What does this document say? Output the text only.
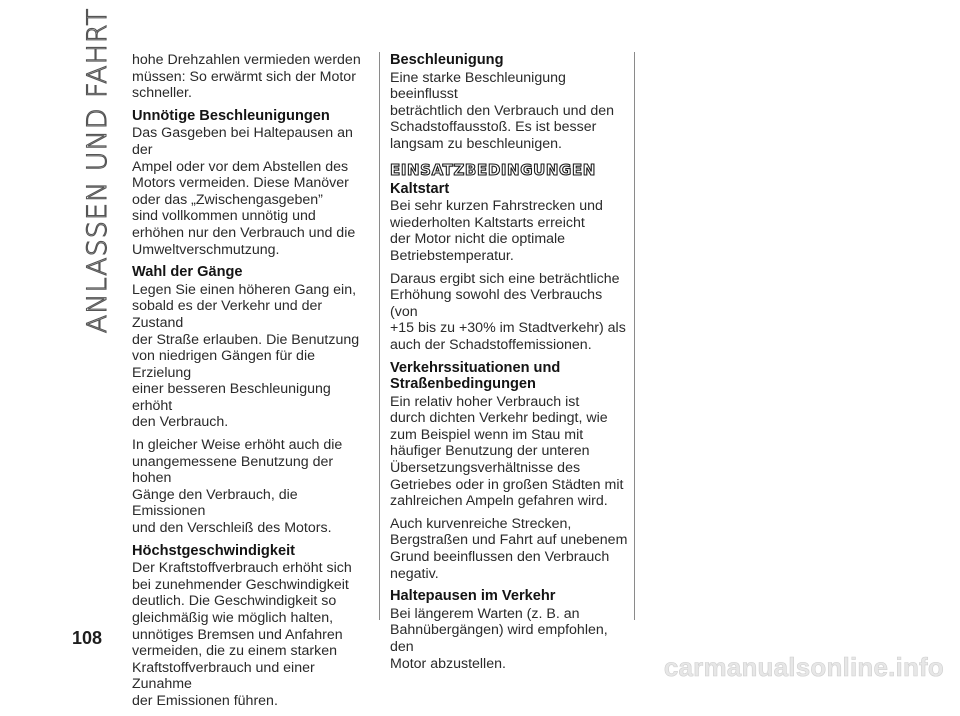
ANLASSEN UND FAHRT hohe Drehzahlen vermieden werden
müssen: So erwärmt sich der Motor
schneller.

Unnötige Beschleunigungen

Das Gasgeben bei Haltepausen an der
Ampel oder vor dem Abstellen des
Motors vermeiden. Diese Manöver
oder das „Zwischengasgeben”
sind vollkommen unnötig und
erhöhen nur den Verbrauch und die
Umweltverschmutzung.

Wahl der Gänge

Legen Sie einen höheren Gang ein,
sobald es der Verkehr und der Zustand
der Straße erlauben. Die Benutzung
von niedrigen Gängen für die Erzielung
einer besseren Beschleunigung erhöht
den Verbrauch.

In gleicher Weise erhöht auch die
unangemessene Benutzung der hohen
Gänge den Verbrauch, die Emissionen
und den Verschleiß des Motors.

Höchstgeschwindigkeit

Der Kraftstoffverbrauch erhöht sich
bei zunehmender Geschwindigkeit
deutlich. Die Geschwindigkeit so
gleichmäßig wie möglich halten,
unnötiges Bremsen und Anfahren
vermeiden, die zu einem starken
Kraftstoffverbrauch und einer Zunahme
der Emissionen führen.

Beschleunigung

Eine starke Beschleunigung beeinflusst
beträchtlich den Verbrauch und den
Schadstoffausstoß. Es ist besser
langsam zu beschleunigen.

EINSATZBEDINGUNGEN
Kaltstart

Bei sehr kurzen Fahrstrecken und
wiederholten Kaltstarts erreicht
der Motor nicht die optimale
Betriebstemperatur.

Daraus ergibt sich eine beträchtliche
Erhöhung sowohl des Verbrauchs (von
+15 bis zu +30% im Stadtverkehr) als
auch der Schadstoffemissionen.

Verkehrssituationen und
Straßenbedingungen

Ein relativ hoher Verbrauch ist
durch dichten Verkehr bedingt, wie
zum Beispiel wenn im Stau mit
häufiger Benutzung der unteren
Übersetzungsverhältnisse des
Getriebes oder in großen Städten mit
zahlreichen Ampeln gefahren wird.

Auch kurvenreiche Strecken,
Bergstraßen und Fahrt auf unebenem
Grund beeinflussen den Verbrauch
negativ.

Haltepausen im Verkehr

Bei längerem Warten (z. B. an
Bahnübergängen) wird empfohlen, den
Motor abzustellen.

108
carmanualsonline.info
